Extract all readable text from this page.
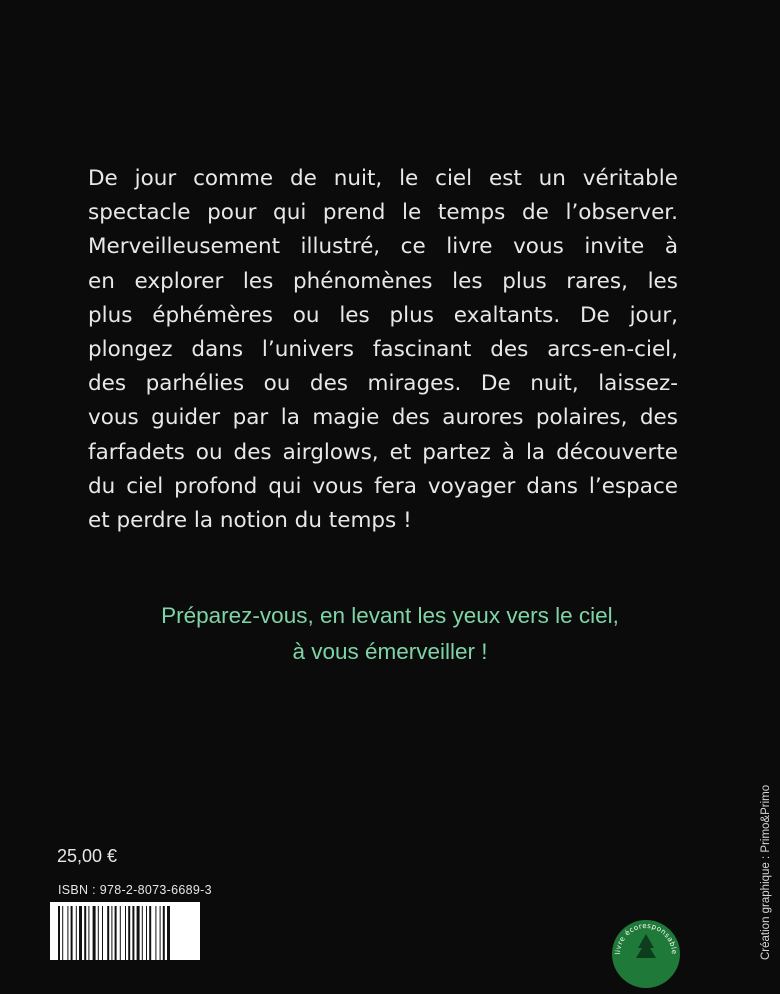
De jour comme de nuit, le ciel est un véritable
spectacle pour qui prend le temps de l’observer.
Merveilleusement illustré, ce livre vous invite à
en explorer les phénomènes les plus rares, les
plus éphémères ou les plus exaltants. De jour,
plongez dans l’univers fascinant des arcs-en-ciel,
des parhélies ou des mirages. De nuit, laissez-
vous guider par la magie des aurores polaires, des
farfadets ou des airglows, et partez à la découverte
du ciel profond qui vous fera voyager dans l’espace
et perdre la notion du temps !
Préparez-vous, en levant les yeux vers le ciel,
à vous émerveiller !
25,00 €
ISBN : 978-2-8073-6689-3	Création graphique : Primo&Primo
livre écoresponsable
